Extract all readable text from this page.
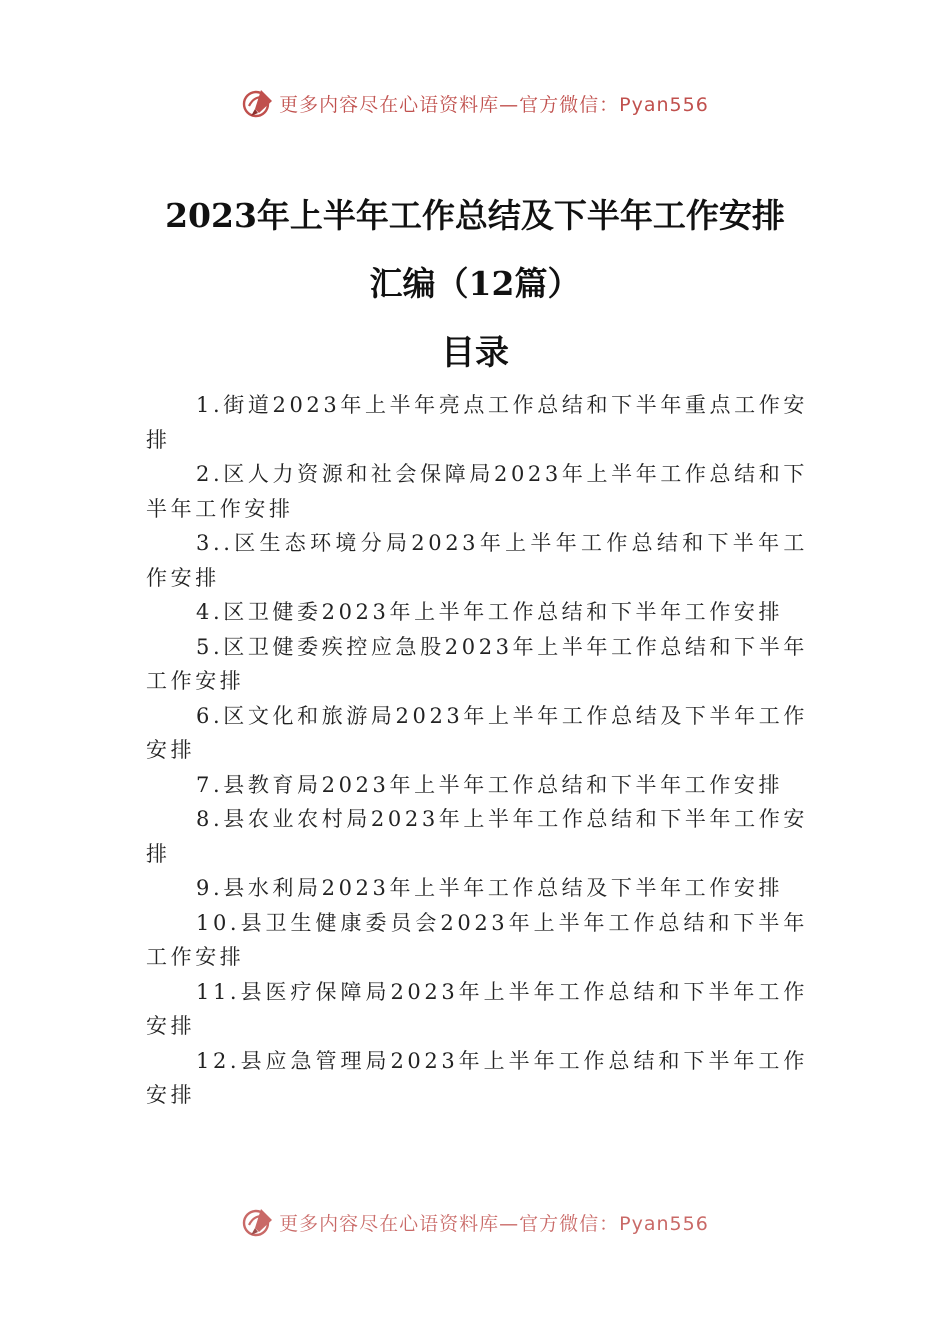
更多内容尽在心语资料库—官方微信：Pyan556
2023年上半年工作总结及下半年工作安排
汇编（12篇）
目录
1.街道2023年上半年亮点工作总结和下半年重点工作安排
2.区人力资源和社会保障局2023年上半年工作总结和下半年工作安排
3..区生态环境分局2023年上半年工作总结和下半年工作安排
4.区卫健委2023年上半年工作总结和下半年工作安排
5.区卫健委疾控应急股2023年上半年工作总结和下半年工作安排
6.区文化和旅游局2023年上半年工作总结及下半年工作安排
7.县教育局2023年上半年工作总结和下半年工作安排
8.县农业农村局2023年上半年工作总结和下半年工作安排
9.县水利局2023年上半年工作总结及下半年工作安排
10.县卫生健康委员会2023年上半年工作总结和下半年工作安排
11.县医疗保障局2023年上半年工作总结和下半年工作安排
12.县应急管理局2023年上半年工作总结和下半年工作安排
更多内容尽在心语资料库—官方微信：Pyan556
